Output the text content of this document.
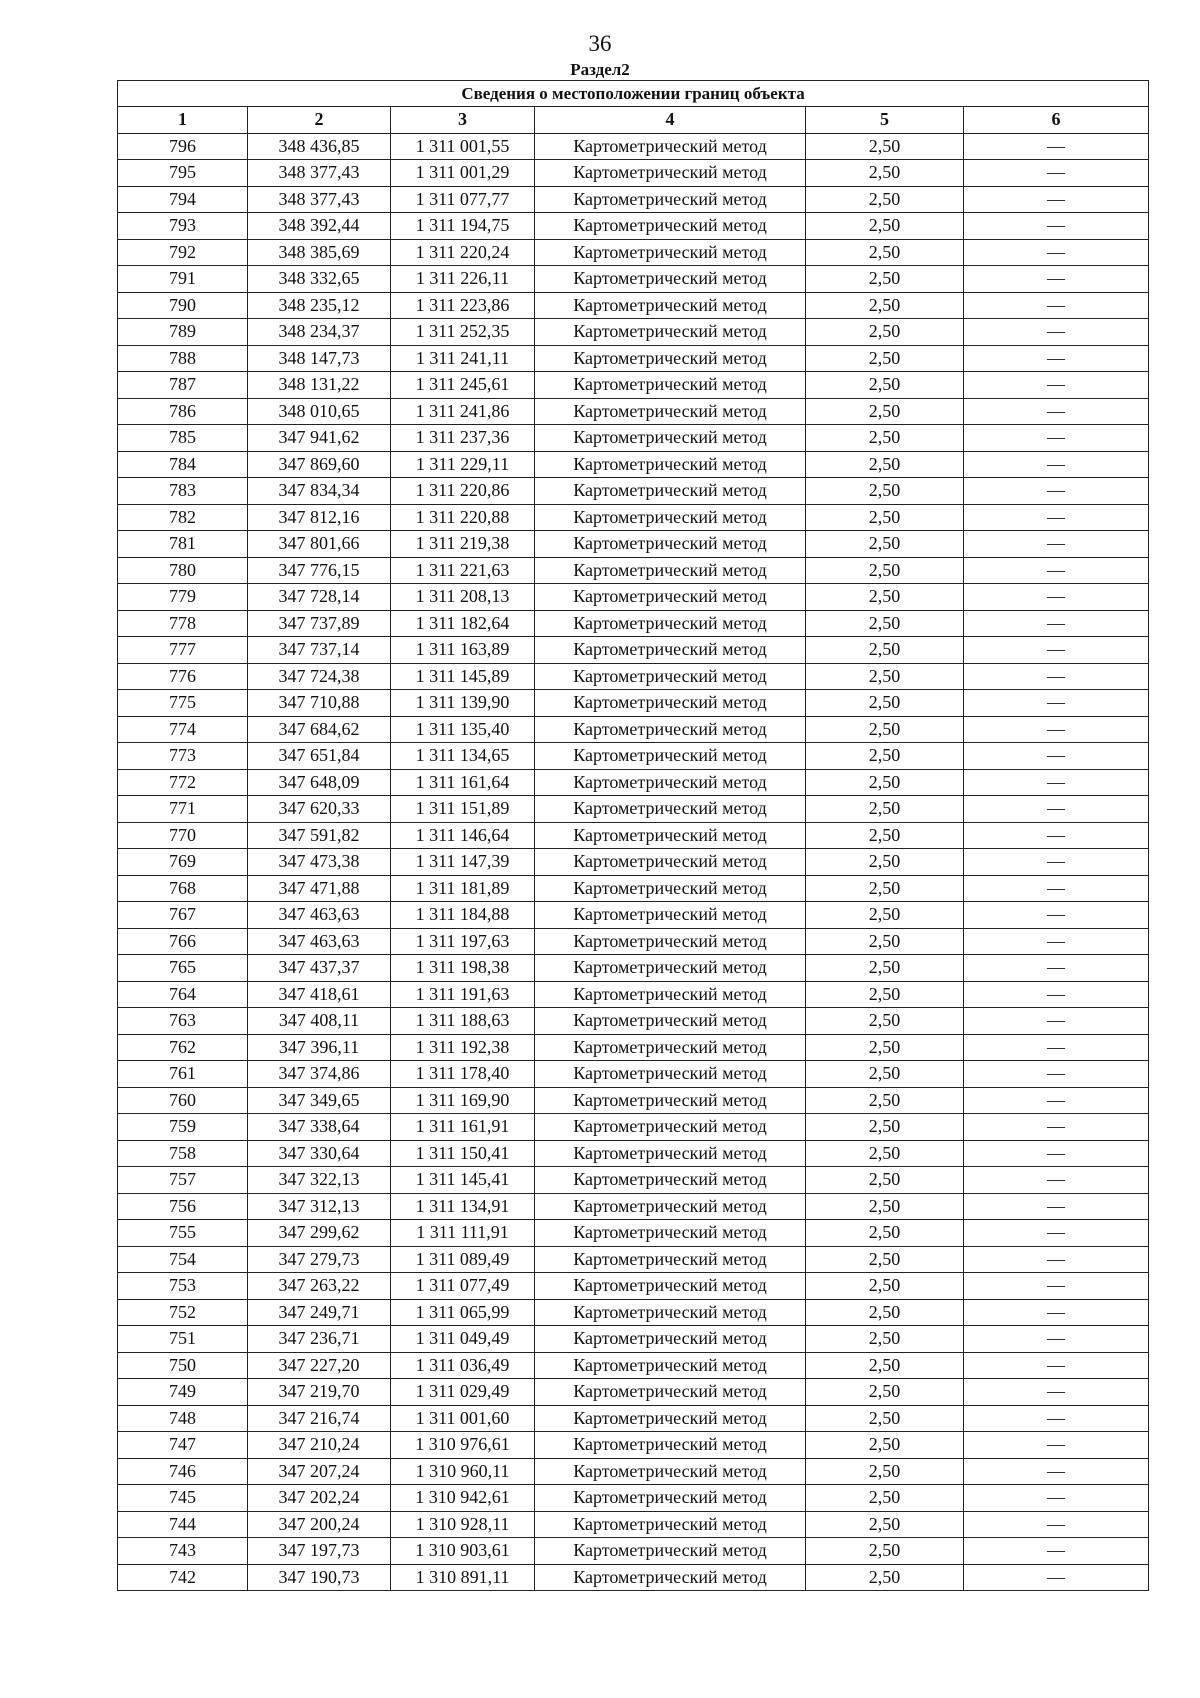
36
Раздел2
Сведения о местоположении границ объекта					
1	2	3	4	5	6
796	348 436,85	1 311 001,55	Картометрический метод	2,50	—
795	348 377,43	1 311 001,29	Картометрический метод	2,50	—
794	348 377,43	1 311 077,77	Картометрический метод	2,50	—
793	348 392,44	1 311 194,75	Картометрический метод	2,50	—
792	348 385,69	1 311 220,24	Картометрический метод	2,50	—
791	348 332,65	1 311 226,11	Картометрический метод	2,50	—
790	348 235,12	1 311 223,86	Картометрический метод	2,50	—
789	348 234,37	1 311 252,35	Картометрический метод	2,50	—
788	348 147,73	1 311 241,11	Картометрический метод	2,50	—
787	348 131,22	1 311 245,61	Картометрический метод	2,50	—
786	348 010,65	1 311 241,86	Картометрический метод	2,50	—
785	347 941,62	1 311 237,36	Картометрический метод	2,50	—
784	347 869,60	1 311 229,11	Картометрический метод	2,50	—
783	347 834,34	1 311 220,86	Картометрический метод	2,50	—
782	347 812,16	1 311 220,88	Картометрический метод	2,50	—
781	347 801,66	1 311 219,38	Картометрический метод	2,50	—
780	347 776,15	1 311 221,63	Картометрический метод	2,50	—
779	347 728,14	1 311 208,13	Картометрический метод	2,50	—
778	347 737,89	1 311 182,64	Картометрический метод	2,50	—
777	347 737,14	1 311 163,89	Картометрический метод	2,50	—
776	347 724,38	1 311 145,89	Картометрический метод	2,50	—
775	347 710,88	1 311 139,90	Картометрический метод	2,50	—
774	347 684,62	1 311 135,40	Картометрический метод	2,50	—
773	347 651,84	1 311 134,65	Картометрический метод	2,50	—
772	347 648,09	1 311 161,64	Картометрический метод	2,50	—
771	347 620,33	1 311 151,89	Картометрический метод	2,50	—
770	347 591,82	1 311 146,64	Картометрический метод	2,50	—
769	347 473,38	1 311 147,39	Картометрический метод	2,50	—
768	347 471,88	1 311 181,89	Картометрический метод	2,50	—
767	347 463,63	1 311 184,88	Картометрический метод	2,50	—
766	347 463,63	1 311 197,63	Картометрический метод	2,50	—
765	347 437,37	1 311 198,38	Картометрический метод	2,50	—
764	347 418,61	1 311 191,63	Картометрический метод	2,50	—
763	347 408,11	1 311 188,63	Картометрический метод	2,50	—
762	347 396,11	1 311 192,38	Картометрический метод	2,50	—
761	347 374,86	1 311 178,40	Картометрический метод	2,50	—
760	347 349,65	1 311 169,90	Картометрический метод	2,50	—
759	347 338,64	1 311 161,91	Картометрический метод	2,50	—
758	347 330,64	1 311 150,41	Картометрический метод	2,50	—
757	347 322,13	1 311 145,41	Картометрический метод	2,50	—
756	347 312,13	1 311 134,91	Картометрический метод	2,50	—
755	347 299,62	1 311 111,91	Картометрический метод	2,50	—
754	347 279,73	1 311 089,49	Картометрический метод	2,50	—
753	347 263,22	1 311 077,49	Картометрический метод	2,50	—
752	347 249,71	1 311 065,99	Картометрический метод	2,50	—
751	347 236,71	1 311 049,49	Картометрический метод	2,50	—
750	347 227,20	1 311 036,49	Картометрический метод	2,50	—
749	347 219,70	1 311 029,49	Картометрический метод	2,50	—
748	347 216,74	1 311 001,60	Картометрический метод	2,50	—
747	347 210,24	1 310 976,61	Картометрический метод	2,50	—
746	347 207,24	1 310 960,11	Картометрический метод	2,50	—
745	347 202,24	1 310 942,61	Картометрический метод	2,50	—
744	347 200,24	1 310 928,11	Картометрический метод	2,50	—
743	347 197,73	1 310 903,61	Картометрический метод	2,50	—
742	347 190,73	1 310 891,11	Картометрический метод	2,50	—
